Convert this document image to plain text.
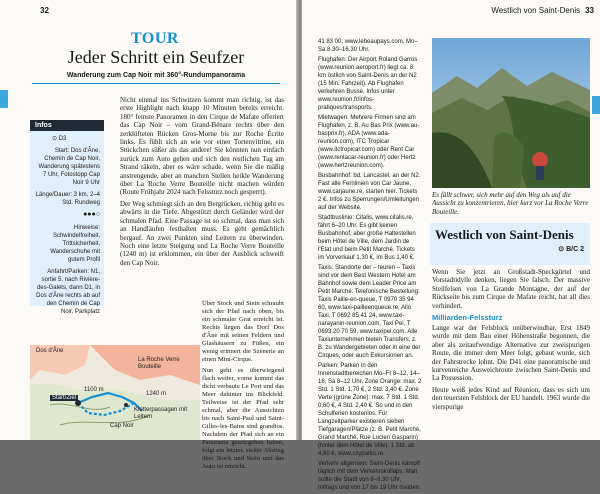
32
TOUR
Jeder Schritt ein Seufzer
Wanderung zum Cap Noir mit 360°-Rundumpanorama
Infos
⊙ D3
Start: Dos d'Âne, Chemin de Cap Noir, Wanderung spätestens 7 Uhr, Fotostopp Cap Noir 9 Uhr
Länge/Dauer: 3 km, 2–4 Std. Rundweg
●●●○
Hinweise: Schwindelfreiheit, Trittsicherheit, Wanderschuhe mit gutem Profil
Anfahrt/Parken: N1, sortie 5, nach Rivière-des-Galets, dann D1, in Dos d'Âne rechts ab auf den Chemin de Cap Noir, Parkplatz

Nicht einmal ins Schwitzen kommt man richtig, ist das erste Highlight nach knapp 10 Minuten bereits erreicht. 180° feinste Panoramen in den Cirque de Mafate offeriert das Cap Noir – vom Grand-Bénare rechts über den zerklüfteten Rücken Gros-Morne bis zur Roche Écrite links. Es fühlt sich an wie vor einer Tortenvitrine, ein Stückchen süßer als das andere! Sie könnten nun einfach zurück zum Auto gehen und sich den restlichen Tag am Strand räkeln, aber es wäre schade, wenn Sie die mäßig anstrengende, aber an manchen Stellen heikle Wanderung über La Roche Verre Bouteille nicht machen würden (Route Frühjahr 2024 nach Felssturz noch gesperrt).

Der Weg schmiegt sich an den Bergrücken, richtig geht es abwärts in die Tiefe. Abgestützt durch Geländer wird der schmalen Pfad. Eine Passage ist so schmal, dass man sich an Handläufen festhalten muss. Es geht gemächlich bergauf. An zwei Punkten sind Leitern zu überwinden. Noch eine letzte Steigung und La Roche Verre Bouteille (1240 m) ist erklommen, ein über der Ausblick schweift den Cap Noir.

Über Stock und Stein schraubt sich der Pfad nach oben, bis ein schmaler Grat erreicht ist. Rechts liegen das Dorf Dos d'Âne mit seinen Feldern und Glashäusern zu Füßen, ein wenig erinnert die Szenerie an einen Mini-Cirque.

Nun geht es überwiegend flach weiter, vorne kommt das dicht verbaute Le Port und das Meer dahinter ins Blickfeld. Teilweise ist der Pfad sehr schmal, aber die Aussichten bis nach Saint-Paul und Saint-Gilles-les-Bains sind grandios. Nachdem der Pfad sich an ein Panorama gesetzgeben haben, folgt ein letzter, steiler Abstieg über Stock und Stein und das Auto ist erreicht.

Dos d'Âne
La Roche Verre Bouteille
Cap Noir
Start/Ziel
1100 m
1240 m
Kletterpassagen mit Leitern
Westlich von Saint-Denis 33

41 83 00, www.lebeaupays.com, Mo–Sa 8.30–16.30 Uhr.

Flughafen: Der Airport Roland Garros (www.reunion.aeroport.fr) liegt ca. 8 km östlich von Saint-Denis an der N2 (15 Min. Fahrzeit). Ab Flughafen verkehren Busse, Infos unter www.reunion.fr/infos-pratiques/transports.

Mietwagen: Mehrere Firmen sind am Flughafen, z. B. Au Bas Prix (www.au-basprix.fr), ADA (www.ada-reunion.com), ITC Tropicar (www.itctropicar.com) oder Rent Car (www.rentacar-reunion.fr) oder Hertz (www.hertzreunion.com).

Busbahnhof: bd. Lancastel, an der N2. Fast alle Fernlinien von Car Jaune, www.carjaune.re, starten hier. Tickets 2 €. Infos zu Sperrungen/Umleitungen auf der Website.

Stadtbuslinie: Citalis, www.citalis.re, fährt 6–20 Uhr. Es gibt keinen Busbahnhof, aber große Haltestellen beim Hôtel de Ville, dem Jardin de l'Etat und beim Petit Marché. Tickets im Vorverkauf 1,30 €, im Bus 1,40 €.

Taxis: Standorte der – teuren – Taxis sind vor dem Best Western Hotel am Bahnhof sowie dem Leader Price am Petit Marché. Telefonische Bestellung: Taxis Paille-en-queue, T 0970 35 94 60, www.taxi-pailleenqueue.re, Allo Taxi, T 0692 85 41 24, www.taxi-narayanin-reunion.com, Taxi Pei, T 0693 20 70 59, www.taxipei.com. Alle Taxiunternehmen bieten Transfers, z. B. zu Wandergebieten oder in eine der Cirques, oder auch Exkursionen an.

Parken: Parken in den Innenstadtbereichen Mo–Fr 8–12, 14–16, Sa 8–12 Uhr, Zone Orange: max. 2 Std. 1 Std. 1,70 €, 2 Std. 3,40 €. Zone Verte (grüne Zone): max. 7 Std. 1 Std. 0,60 €, 4 Std. 2,40 €. So und in den Schulferien kostenlos. Für Langzeitparker existieren sieben Tiefgaragen/Plätze (z. B. Petit Marché, Grand Marché, Rue Lucien Gasparin) (hinter dem Hôtel de Ville): 1 Std. ab 4,60 €, www.cityparks.re.

Verkehr allgemein: Saint-Denis kämpft täglich mit dem Verkehrskollaps. Man sollte die Stadt von 8–9.30 Uhr, mittags und von 17 bis 19 Uhr meiden.

Es fällt schwer, sich mehr auf den Weg als auf die Aussicht zu konzentrieren, hier kurz vor La Roche Verre Bouteille.
Westlich von Saint-Denis
⊙ B/C 2

Wenn Sie jetzt an Großstadt-Speckgürtel und Vorstadtidylle denken, liegen Sie falsch. Der massive Steilfelsen von La Grande Montagne, der auf der Rückseite bis zum Cirque de Mafate reicht, hat all dies verhindert.

Milliarden-Felssturz

Lange war der Felsblock unüberwindbar. Erst 1849 wurde mit dem Bau einer Höhenstraße begonnen, die aber als zeitaufwendige Alternative zur zweispurigen Route, die immer dem Meer folgt, gebaut wurde, sich der Fahrstrecke lohnt. Die D41 eine panoramische und kurvenreiche Ausweichroute zwischen Saint-Denis und La Possession.

Heute weiß jedes Kind auf Réunion, dass es sich um den teuersten Felsblock der EU handelt. 1963 wurde die vierspurige
